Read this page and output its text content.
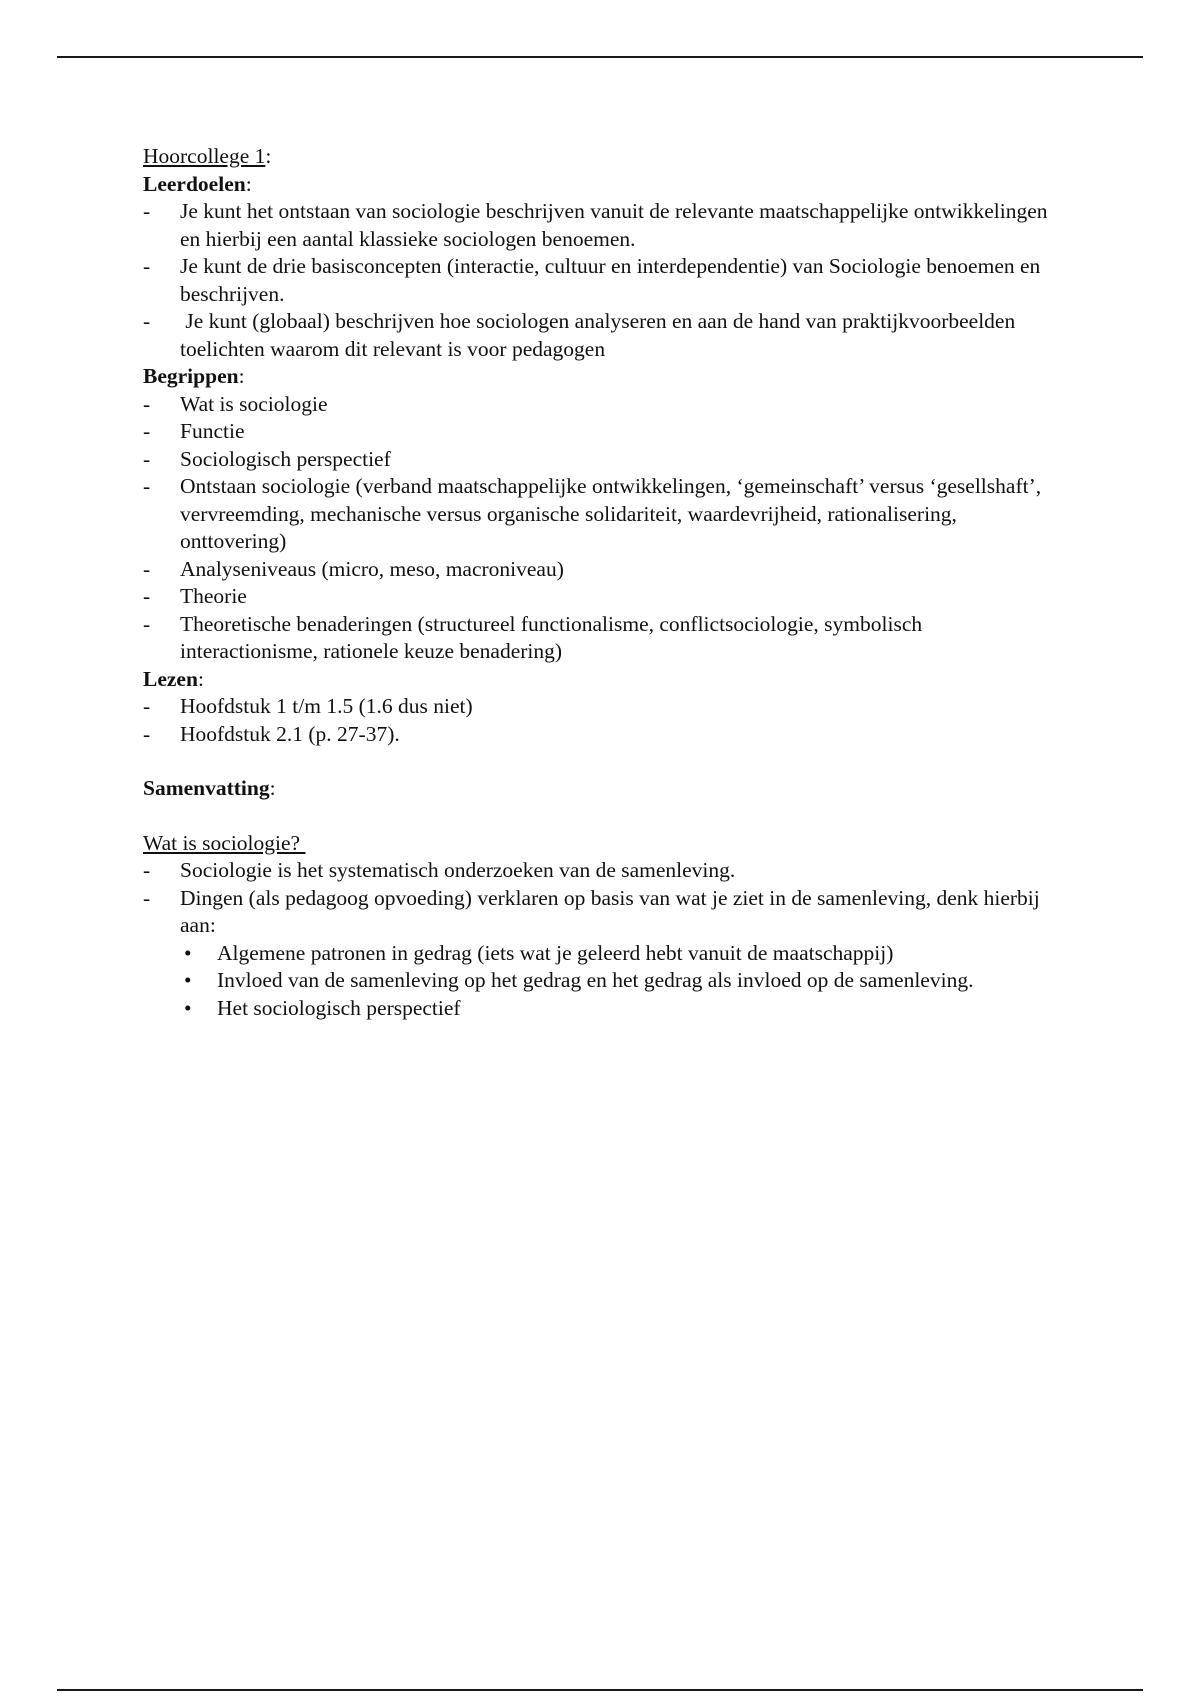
Hoorcollege 1:

Leerdoelen:

- Je kunt het ontstaan van sociologie beschrijven vanuit de relevante maatschappelijke ontwikkelingen en hierbij een aantal klassieke sociologen benoemen.
- Je kunt de drie basisconcepten (interactie, cultuur en interdependentie) van Sociologie benoemen en beschrijven.
-  Je kunt (globaal) beschrijven hoe sociologen analyseren en aan de hand van praktijkvoorbeelden toelichten waarom dit relevant is voor pedagogen

Begrippen:

- Wat is sociologie
- Functie
- Sociologisch perspectief
- Ontstaan sociologie (verband maatschappelijke ontwikkelingen, ‘gemeinschaft’ versus ‘gesellshaft’, vervreemding, mechanische versus organische solidariteit, waardevrijheid, rationalisering, onttovering)
- Analyseniveaus (micro, meso, macroniveau)
- Theorie
- Theoretische benaderingen (structureel functionalisme, conflictsociologie, symbolisch interactionisme, rationele keuze benadering)

Lezen:

- Hoofdstuk 1 t/m 1.5 (1.6 dus niet)
- Hoofdstuk 2.1 (p. 27-37).

Samenvatting:

Wat is sociologie?

- Sociologie is het systematisch onderzoeken van de samenleving.
- Dingen (als pedagoog opvoeding) verklaren op basis van wat je ziet in de samenleving, denk hierbij aan:
• Algemene patronen in gedrag (iets wat je geleerd hebt vanuit de maatschappij)
• Invloed van de samenleving op het gedrag en het gedrag als invloed op de samenleving.
• Het sociologisch perspectief
